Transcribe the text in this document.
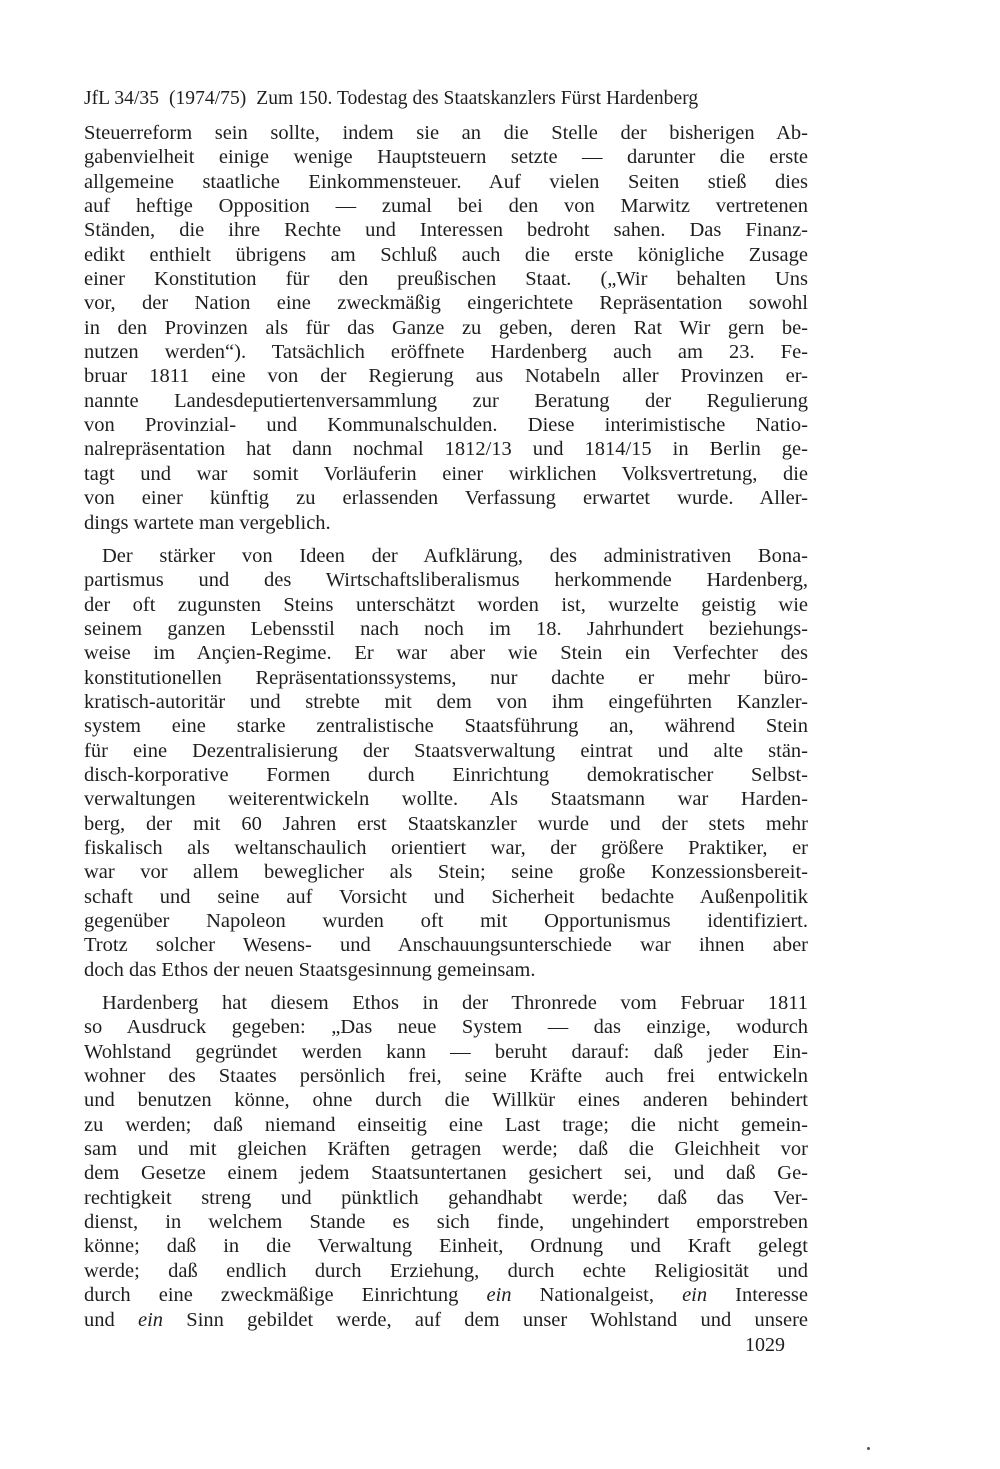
JfL 34/35 (1974/75) Zum 150. Todestag des Staatskanzlers Fürst Hardenberg

Steuerreform sein sollte, indem sie an die Stelle der bisherigen Ab-
gabenvielheit einige wenige Hauptsteuern setzte — darunter die erste
allgemeine staatliche Einkommensteuer. Auf vielen Seiten stieß dies
auf heftige Opposition — zumal bei den von Marwitz vertretenen
Ständen, die ihre Rechte und Interessen bedroht sahen. Das Finanz-
edikt enthielt übrigens am Schluß auch die erste königliche Zusage
einer Konstitution für den preußischen Staat. („Wir behalten Uns
vor, der Nation eine zweckmäßig eingerichtete Repräsentation sowohl
in den Provinzen als für das Ganze zu geben, deren Rat Wir gern be-
nutzen werden“). Tatsächlich eröffnete Hardenberg auch am 23. Fe-
bruar 1811 eine von der Regierung aus Notabeln aller Provinzen er-
nannte Landesdeputiertenversammlung zur Beratung der Regulierung
von Provinzial- und Kommunalschulden. Diese interimistische Natio-
nalrepräsentation hat dann nochmal 1812/13 und 1814/15 in Berlin ge-
tagt und war somit Vorläuferin einer wirklichen Volksvertretung, die
von einer künftig zu erlassenden Verfassung erwartet wurde. Aller-
dings wartete man vergeblich.

Der stärker von Ideen der Aufklärung, des administrativen Bona-
partismus und des Wirtschaftsliberalismus herkommende Hardenberg,
der oft zugunsten Steins unterschätzt worden ist, wurzelte geistig wie
seinem ganzen Lebensstil nach noch im 18. Jahrhundert beziehungs-
weise im Ançien-Regime. Er war aber wie Stein ein Verfechter des
konstitutionellen Repräsentationssystems, nur dachte er mehr büro-
kratisch-autoritär und strebte mit dem von ihm eingeführten Kanzler-
system eine starke zentralistische Staatsführung an, während Stein
für eine Dezentralisierung der Staatsverwaltung eintrat und alte stän-
disch-korporative Formen durch Einrichtung demokratischer Selbst-
verwaltungen weiterentwickeln wollte. Als Staatsmann war Harden-
berg, der mit 60 Jahren erst Staatskanzler wurde und der stets mehr
fiskalisch als weltanschaulich orientiert war, der größere Praktiker, er
war vor allem beweglicher als Stein; seine große Konzessionsbereit-
schaft und seine auf Vorsicht und Sicherheit bedachte Außenpolitik
gegenüber Napoleon wurden oft mit Opportunismus identifiziert.
Trotz solcher Wesens- und Anschauungsunterschiede war ihnen aber
doch das Ethos der neuen Staatsgesinnung gemeinsam.

Hardenberg hat diesem Ethos in der Thronrede vom Februar 1811
so Ausdruck gegeben: „Das neue System — das einzige, wodurch
Wohlstand gegründet werden kann — beruht darauf: daß jeder Ein-
wohner des Staates persönlich frei, seine Kräfte auch frei entwickeln
und benutzen könne, ohne durch die Willkür eines anderen behindert
zu werden; daß niemand einseitig eine Last trage; die nicht gemein-
sam und mit gleichen Kräften getragen werde; daß die Gleichheit vor
dem Gesetze einem jedem Staatsuntertanen gesichert sei, und daß Ge-
rechtigkeit streng und pünktlich gehandhabt werde; daß das Ver-
dienst, in welchem Stande es sich finde, ungehindert emporstreben
könne; daß in die Verwaltung Einheit, Ordnung und Kraft gelegt
werde; daß endlich durch Erziehung, durch echte Religiosität und
durch eine zweckmäßige Einrichtung ein Nationalgeist, ein Interesse
und ein Sinn gebildet werde, auf dem unser Wohlstand und unsere

1029
